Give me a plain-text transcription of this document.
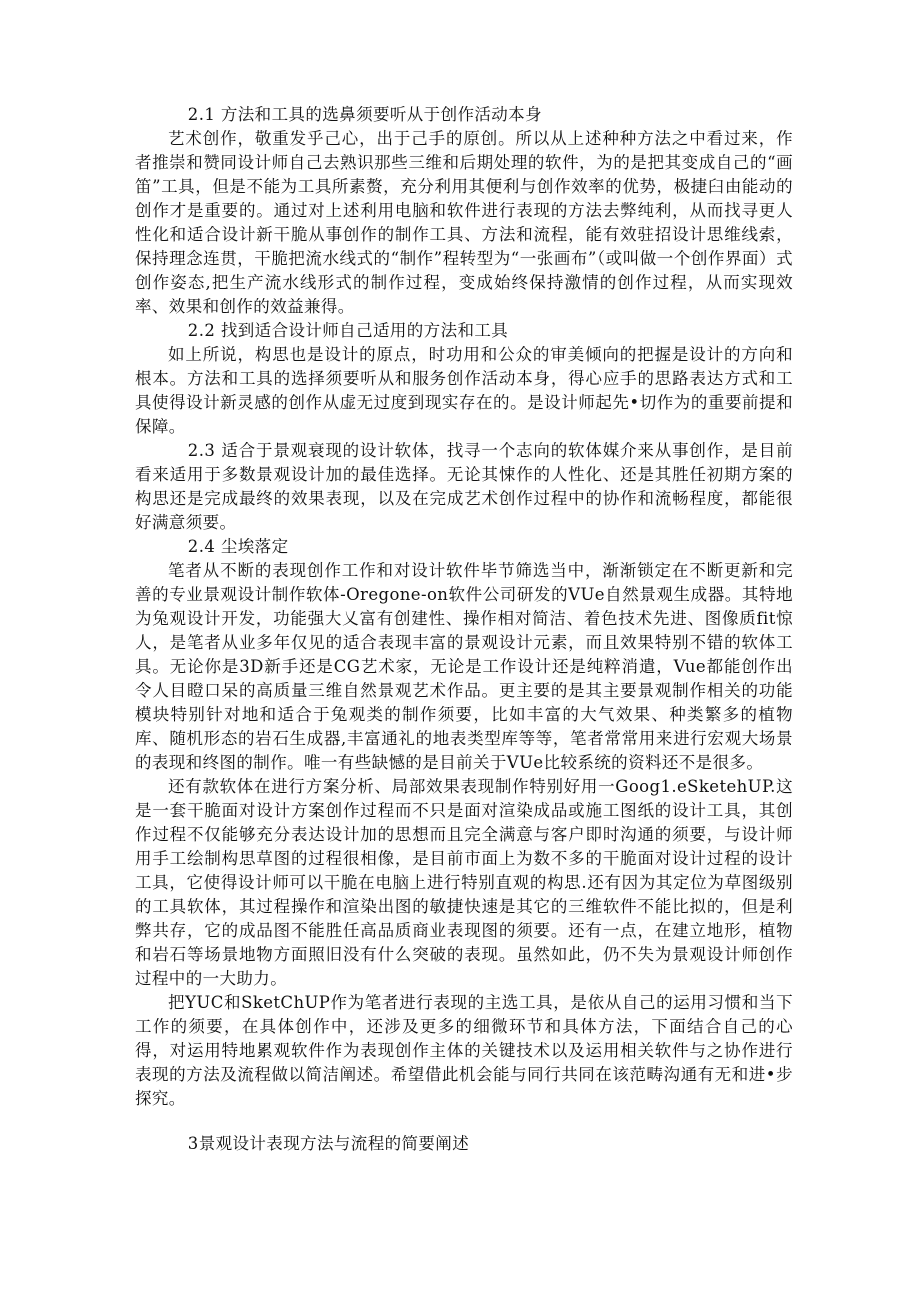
2.1 方法和工具的选鼻须要听从于创作活动本身

艺术创作，敬重发乎己心，出于己手的原创。所以从上述种种方法之中看过来，作者推崇和赞同设计师自己去熟识那些三维和后期处理的软件，为的是把其变成自己的“画笛”工具，但是不能为工具所素赘，充分利用其便利与创作效率的优势，极捷臼由能动的创作才是重要的。通过对上述利用电脑和软件进行表现的方法去弊纯利，从而找寻更人性化和适合设计新干脆从事创作的制作工具、方法和流程，能有效驻招设计思维线索，保持理念连贯，干脆把流水线式的“制作”程转型为“一张画布”（或叫做一个创作界面）式创作姿态,把生产流水线形式的制作过程，变成始终保持激情的创作过程，从而实现效率、效果和创作的效益兼得。

2.2 找到适合设计师自己适用的方法和工具

如上所说，构思也是设计的原点，时功用和公众的审美倾向的把握是设计的方向和根本。方法和工具的选择须要听从和服务创作活动本身，得心应手的思路表达方式和工具使得设计新灵感的创作从虚无过度到现实存在的。是设计师起先•切作为的重要前提和保障。

2.3 适合于景观衰现的设计软体，找寻一个志向的软体媒介来从事创作，是目前看来适用于多数景观设计加的最佳选择。无论其悚作的人性化、还是其胜任初期方案的构思还是完成最终的效果表现，以及在完成艺术创作过程中的协作和流畅程度，都能很好满意须要。

2.4 尘埃落定

笔者从不断的表现创作工作和对设计软件毕节筛选当中，渐渐锁定在不断更新和完善的专业景观设计制作软体-Oregone-on软件公司研发的VUe自然景观生成器。其特地为兔观设计开发，功能强大乂富有创建性、操作相对简洁、着色技术先进、图像质fit惊人，是笔者从业多年仅见的适合表现丰富的景观设计元素，而且效果特别不错的软体工具。无论你是3D新手还是CG艺术家，无论是工作设计还是纯粹消遣，Vue都能创作出令人目瞪口呆的高质量三维自然景观艺术作品。更主要的是其主要景观制作相关的功能模块特别针对地和适合于兔观类的制作须要，比如丰富的大气效果、种类繁多的植物库、随机形态的岩石生成器,丰富通礼的地表类型库等等，笔者常常用来进行宏观大场景的表现和终图的制作。唯一有些缺憾的是目前关于VUe比较系统的资料还不是很多。

还有款软体在进行方案分析、局部效果表现制作特别好用一Goog1.eSketehUP.这是一套干脆面对设计方案创作过程而不只是面对渲染成品或施工图纸的设计工具，其创作过程不仅能够充分表达设计加的思想而且完全满意与客户即时沟通的须要，与设计师用手工绘制构思草图的过程很相像，是目前市面上为数不多的干脆面对设计过程的设计工具，它使得设计师可以干脆在电脑上进行特别直观的构思.还有因为其定位为草图级别的工具软体，其过程操作和渲染出图的敏捷快速是其它的三维软件不能比拟的，但是利弊共存，它的成品图不能胜任高品质商业表现图的须要。还有一点，在建立地形，植物和岩石等场景地物方面照旧没有什么突破的表现。虽然如此，仍不失为景观设计师创作过程中的一大助力。

把YUC和SketChUP作为笔者进行表现的主选工具，是依从自己的运用习惯和当下工作的须要，在具体创作中，还涉及更多的细微环节和具体方法，下面结合自己的心得，对运用特地累观软件作为表现创作主体的关键技术以及运用相关软件与之协作进行表现的方法及流程做以简洁阐述。希望借此机会能与同行共同在该范畴沟通有无和进•步探究。

3景观设计表现方法与流程的简要阐述
